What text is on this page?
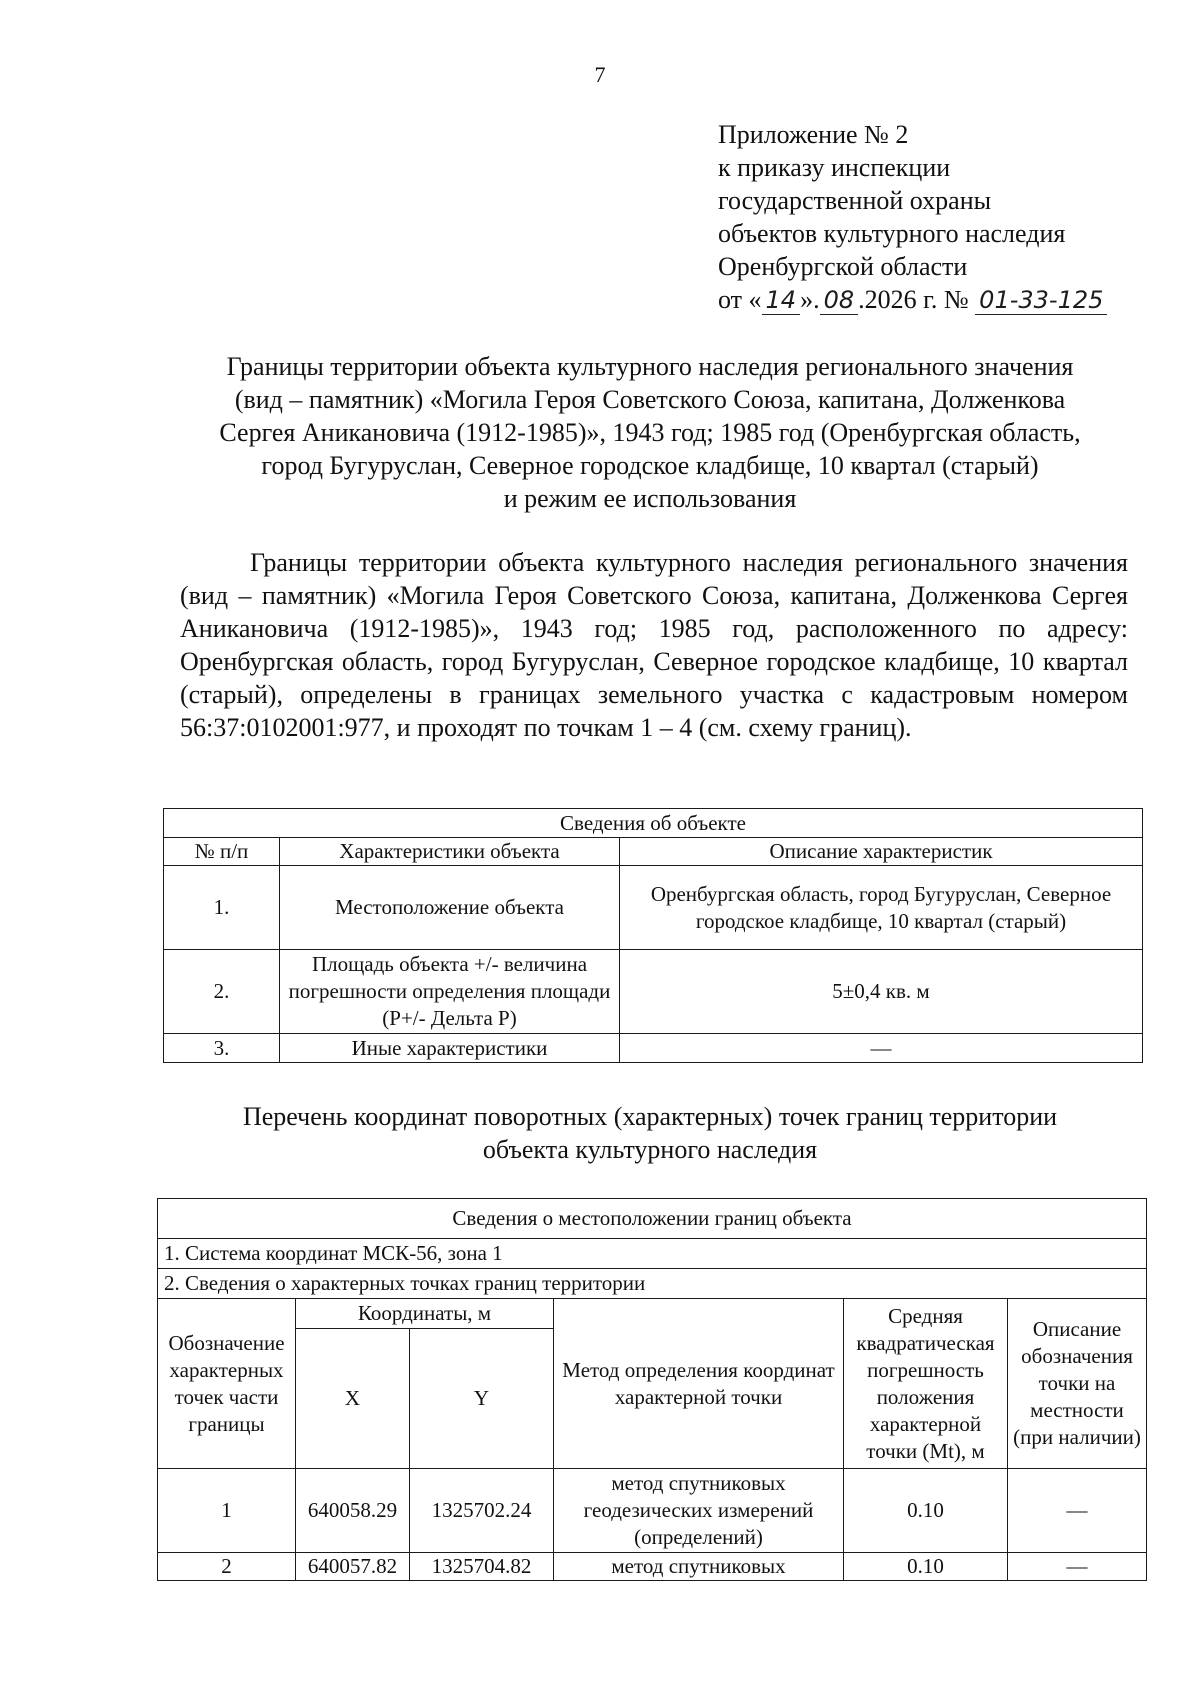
7
Приложение № 2
к приказу инспекции
государственной охраны
объектов культурного наследия
Оренбургской области
от « 14 ». 08 .2026 г. № 01-33-125
Границы территории объекта культурного наследия регионального значения
(вид – памятник) «Могила Героя Советского Союза, капитана, Долженкова
Сергея Аникановича (1912-1985)», 1943 год; 1985 год (Оренбургская область,
город Бугуруслан, Северное городское кладбище, 10 квартал (старый)
и режим ее использования
Границы территории объекта культурного наследия регионального значения (вид – памятник) «Могила Героя Советского Союза, капитана, Долженкова Сергея Аникановича (1912-1985)», 1943 год; 1985 год, расположенного по адресу: Оренбургская область, город Бугуруслан, Северное городское кладбище, 10 квартал (старый), определены в границах земельного участка с кадастровым номером 56:37:0102001:977, и проходят по точкам 1 – 4 (см. схему границ).
Сведения об объекте		
№ п/п	Характеристики объекта	Описание характеристик
1.	Местоположение объекта	Оренбургская область, город Бугуруслан, Северное городское кладбище, 10 квартал (старый)
2.	Площадь объекта +/- величина погрешности определения площади (P+/- Дельта P)	5±0,4 кв. м
3.	Иные характеристики	—
Перечень координат поворотных (характерных) точек границ территории
объекта культурного наследия
Сведения о местоположении границ объекта					
1. Система координат МСК-56, зона 1					
2. Сведения о характерных точках границ территории					
Обозначение характерных точек части границы	Координаты, м		Метод определения координат характерной точки	Средняя квадратическая погрешность положения характерной точки (Mt), м	Описание обозначения точки на местности (при наличии)
	X	Y			
1	640058.29	1325702.24	метод спутниковых геодезических измерений (определений)	0.10	—
2	640057.82	1325704.82	метод спутниковых	0.10	—
